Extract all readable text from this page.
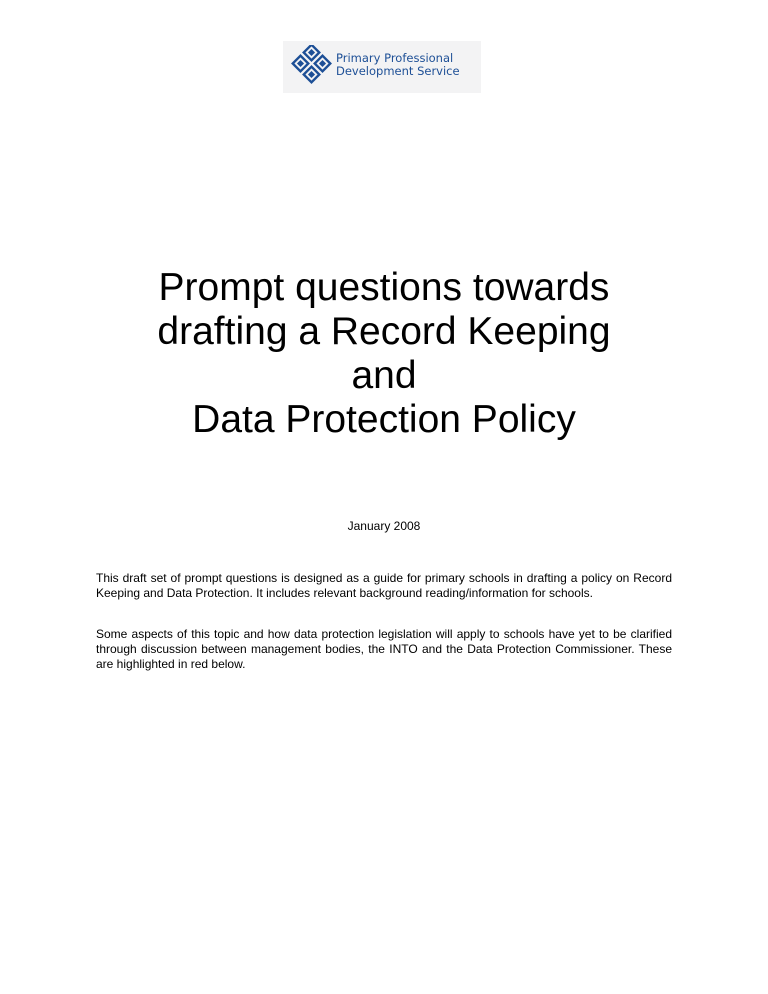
Primary Professional
Development Service
Prompt questions towards
drafting a Record Keeping
and
Data Protection Policy
January 2008

This draft set of prompt questions is designed as a guide for primary schools in drafting a policy on Record Keeping and Data Protection. It includes relevant background reading/information for schools.

Some aspects of this topic and how data protection legislation will apply to schools have yet to be clarified through discussion between management bodies, the INTO and the Data Protection Commissioner. These are highlighted in red below.
